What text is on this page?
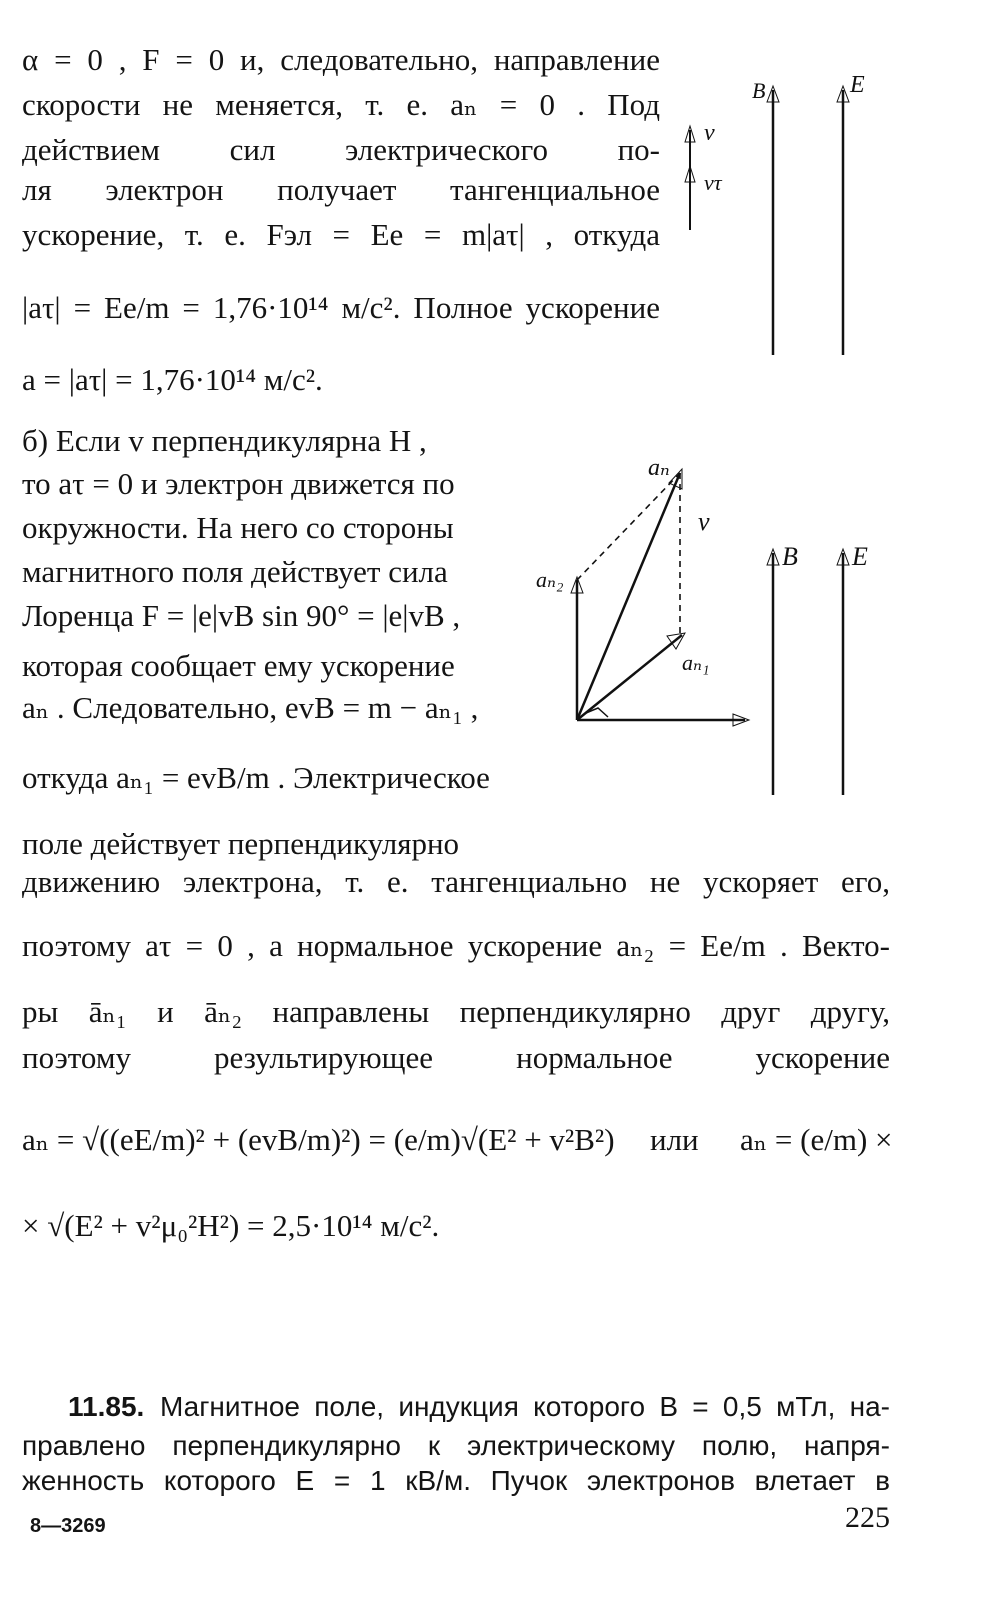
α = 0 , F = 0 и, следовательно, направление
скорости не меняется, т. е. aₙ = 0 . Под
действием сил электрического по-
ля электрон получает тангенциальное
ускорение, т. е. Fэл = Ee = m|aτ| , откуда
|aτ| = Ee/m = 1,76·10¹⁴ м/с². Полное ускорение
a = |aτ| = 1,76·10¹⁴ м/с².
B	E
v
vτ
б) Если v перпендикулярна H ,
то aτ = 0 и электрон движется по
окружности. На него со стороны
магнитного поля действует сила
Лоренца F = |e|vB sin 90° = |e|vB ,
которая сообщает ему ускорение
aₙ . Следовательно, evB = m − aₙ₁ ,
откуда aₙ₁ = evB/m . Электрическое
поле действует перпендикулярно
движению электрона, т. е. тангенциально не ускоряет его,
поэтому aτ = 0 , а нормальное ускорение aₙ₂ = Ee/m . Векто-
ры āₙ₁ и āₙ₂ направлены перпендикулярно друг другу,
поэтому результирующее нормальное ускорение
aₙ = √((eE/m)² + (evB/m)²) = (e/m)√(E² + v²B²) или aₙ = (e/m) ×
× √(E² + v²μ₀²H²) = 2,5·10¹⁴ м/с².
aₙ
v
aₙ₂
aₙ₁
B E
11.85. Магнитное поле, индукция которого B = 0,5 мТл, на-
правлено перпендикулярно к электрическому полю, напря-
женность которого E = 1 кВ/м. Пучок электронов влетает в
8—3269	225
